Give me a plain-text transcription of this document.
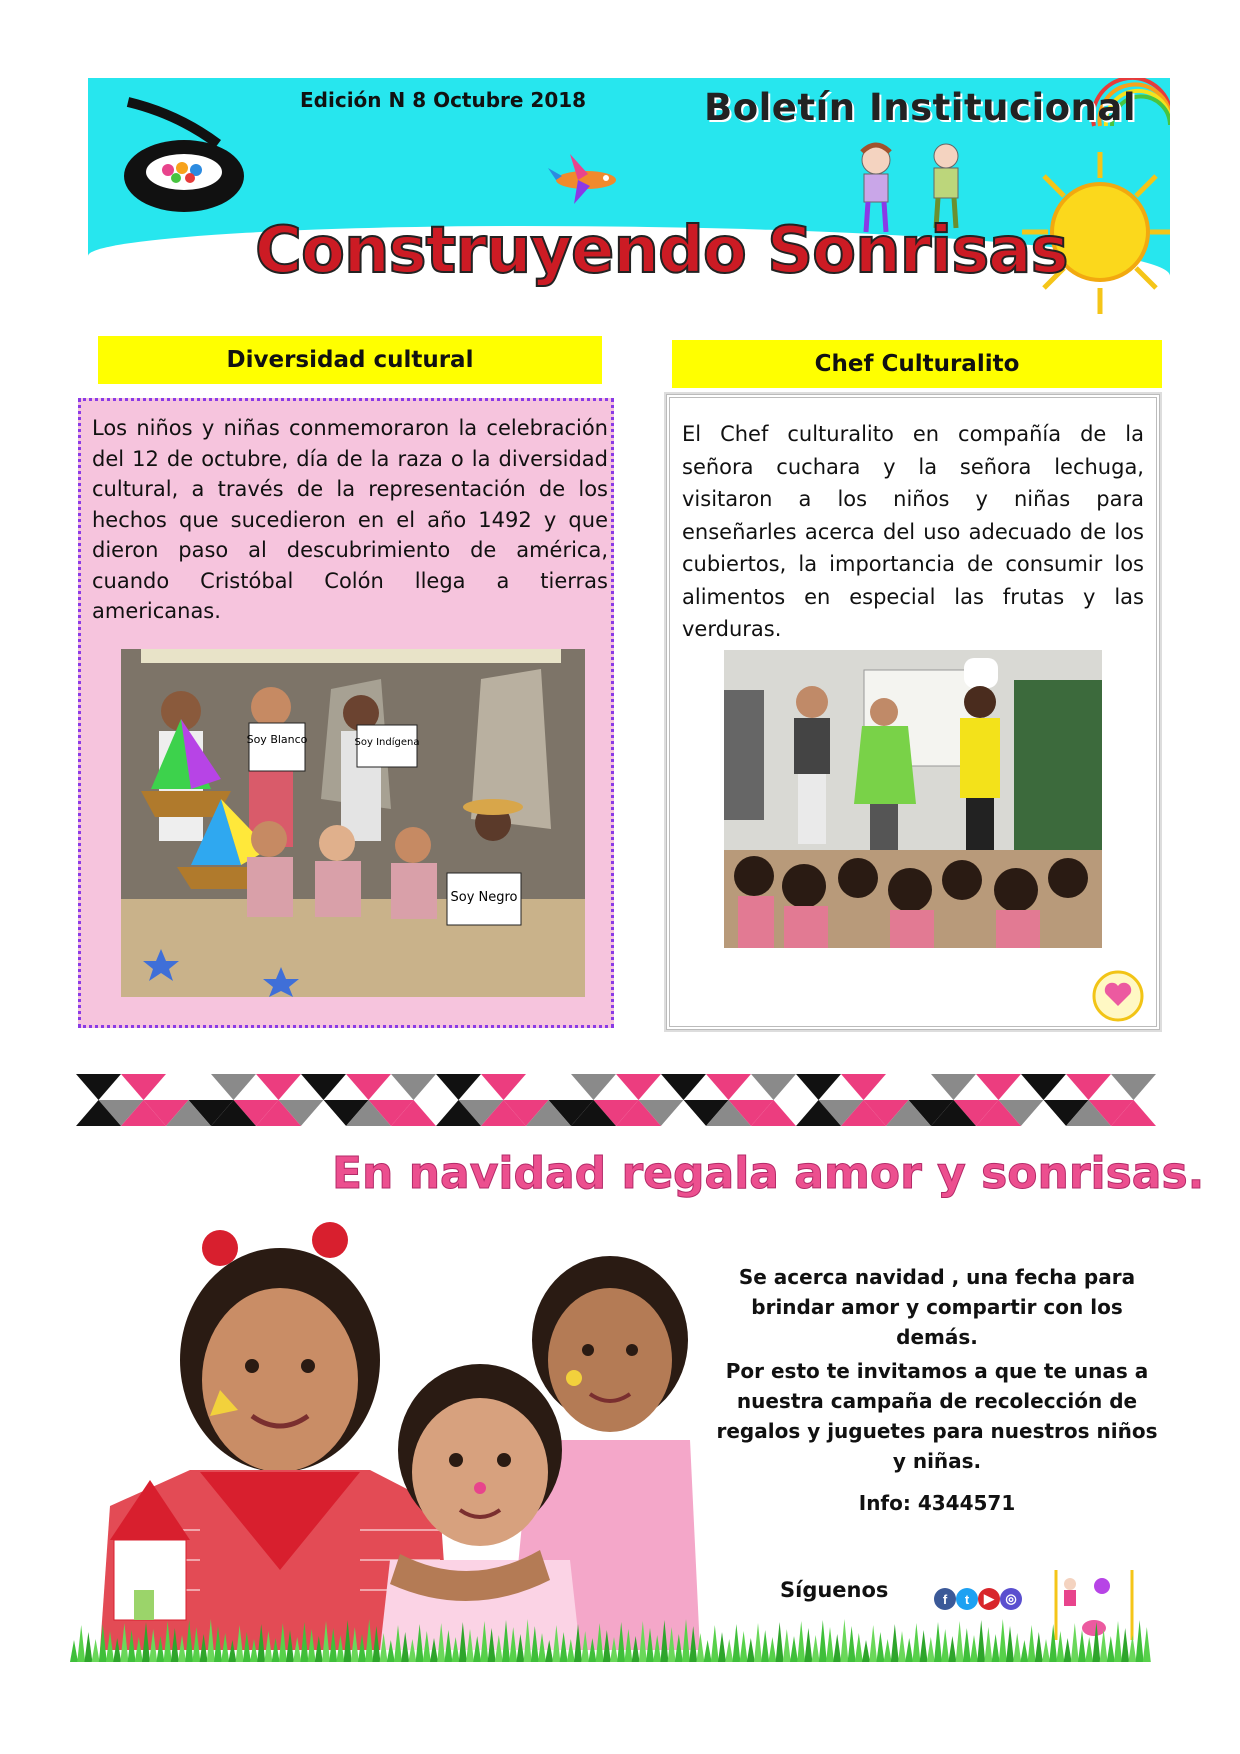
Edición N 8 Octubre 2018	Boletín Institucional
Construyendo Sonrisas
Diversidad cultural
Los niños y niñas conmemoraron la celebración del 12 de octubre, día de la raza o la diversidad cultural, a través de la representación de los hechos que sucedieron en el año 1492 y que dieron paso al descubrimiento de américa, cuando Cristóbal Colón llega a tierras americanas.
Soy Blanco	Soy Indígena
Soy Negro
Chef Culturalito
El Chef culturalito en compañía de la señora cuchara y la señora lechuga, visitaron a los niños y niñas para enseñarles acerca del uso adecuado de los cubiertos, la importancia de consumir los alimentos en especial las frutas y las verduras.
En navidad regala amor y sonrisas.
Se acerca navidad , una fecha para brindar amor y compartir con los demás.
Por esto te invitamos a que te unas a nuestra campaña de recolección de regalos y juguetes para nuestros niños y niñas.
Info: 4344571
Síguenos	f	t	▶ ◎
